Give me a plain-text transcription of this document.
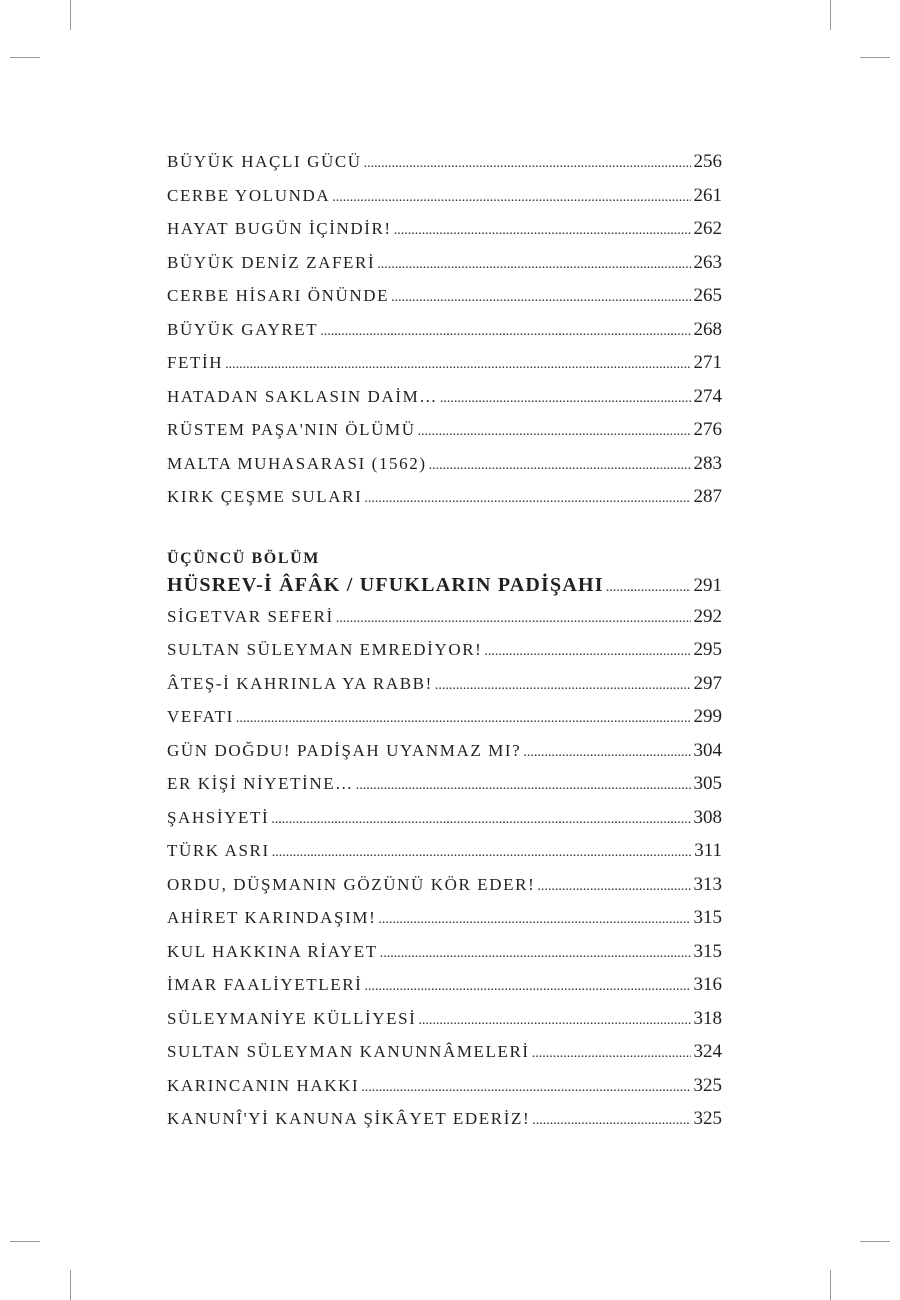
BÜYÜK HAÇLI GÜCÜ .....	256
CERBE YOLUNDA .....	261
HAYAT BUGÜN İÇİNDİR! .....	262
BÜYÜK DENİZ ZAFERİ .....	263
CERBE HİSARI ÖNÜNDE .....	265
BÜYÜK GAYRET .....	268
FETİH .....	271
HATADAN SAKLASIN DAİM… .....	274
RÜSTEM PAŞA'NIN ÖLÜMÜ .....	276
MALTA MUHASARASI (1562) .....	283
KIRK ÇEŞME SULARI .....	287
ÜÇÜNCÜ BÖLÜM
HÜSREV-İ ÂFÂK / UFUKLARIN PADİŞAHI .....	291
SİGETVAR SEFERİ .....	292
SULTAN SÜLEYMAN EMREDİYOR! .....	295
ÂTEŞ-İ KAHRINLA YA RABB! .....	297
VEFATI .....	299
GÜN DOĞDU! PADİŞAH UYANMAZ MI? .....	304
ER KİŞİ NİYETİNE… .....	305
ŞAHSİYETİ .....	308
TÜRK ASRI .....	311
ORDU, DÜŞMANIN GÖZÜNÜ KÖR EDER! .....	313
AHİRET KARINDAŞIM! .....	315
KUL HAKKINA RİAYET .....	315
İMAR FAALİYETLERİ .....	316
SÜLEYMANİYE KÜLLİYESİ .....	318
SULTAN SÜLEYMAN KANUNNÂMELERİ .....	324
KARINCANIN HAKKI .....	325
KANUNÎ'Yİ KANUNA ŞİKÂYET EDERİZ! .....	325
